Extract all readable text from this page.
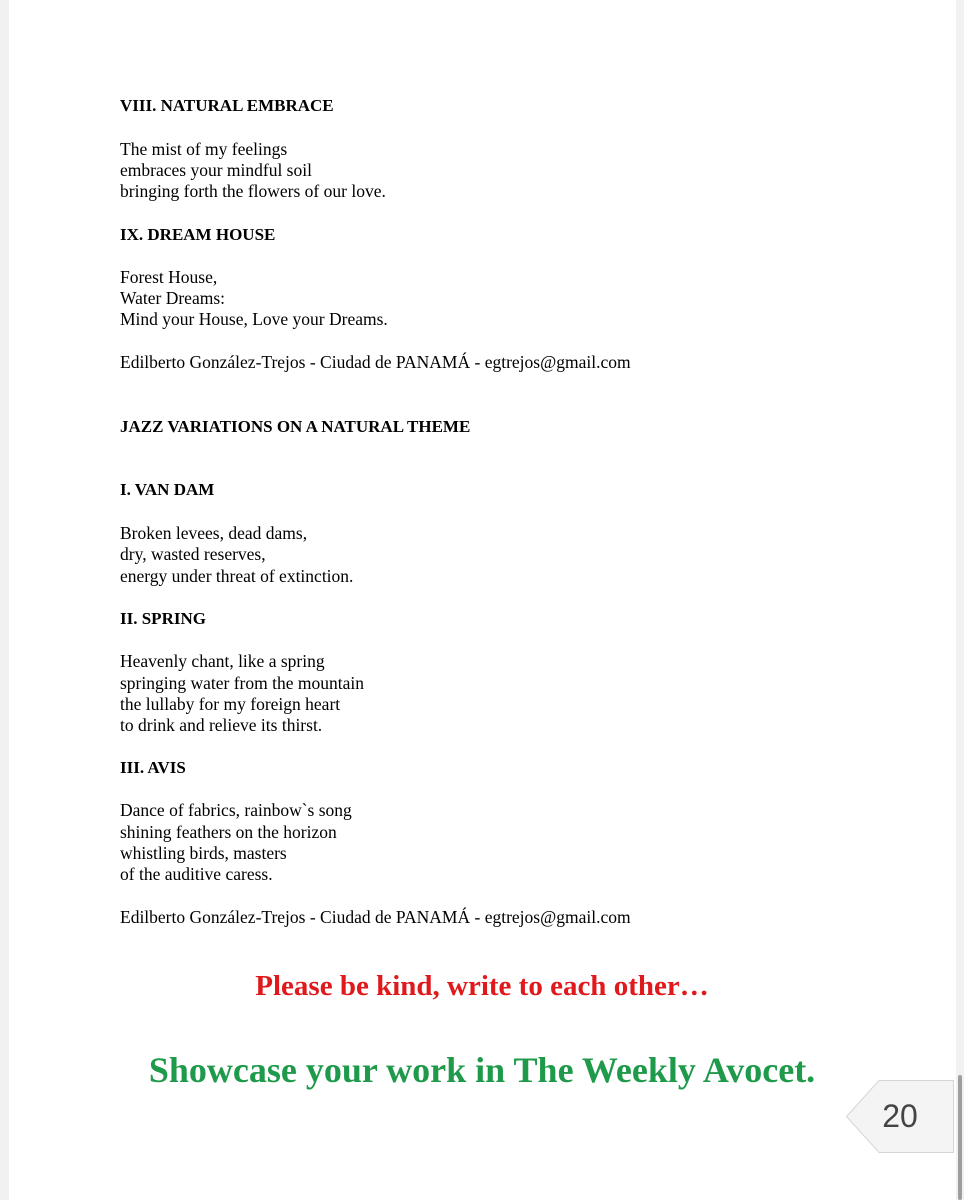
VIII. NATURAL EMBRACE
The mist of my feelings
embraces your mindful soil
bringing forth the flowers of our love.
IX. DREAM HOUSE
Forest House,
Water Dreams:
Mind your House, Love your Dreams.
Edilberto González-Trejos - Ciudad de PANAMÁ - egtrejos@gmail.com
JAZZ VARIATIONS ON A NATURAL THEME
I. VAN DAM
Broken levees, dead dams,
dry, wasted reserves,
energy under threat of extinction.
II. SPRING
Heavenly chant, like a spring
springing water from the mountain
the lullaby for my foreign heart
to drink and relieve its thirst.
III. AVIS
Dance of fabrics, rainbow`s song
shining feathers on the horizon
whistling birds, masters
of the auditive caress.
Edilberto González-Trejos - Ciudad de PANAMÁ - egtrejos@gmail.com
Please be kind, write to each other…
Showcase your work in The Weekly Avocet.
20
